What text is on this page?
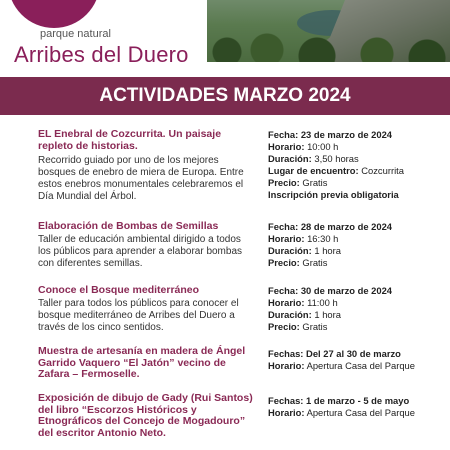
parque natural
Arribes del Duero
ACTIVIDADES MARZO 2024
EL Enebral de Cozcurrita. Un paisaje repleto de historias.
Recorrido guiado por uno de los mejores bosques de enebro de miera de Europa. Entre estos enebros monumentales celebraremos el Día Mundial del Árbol.
Fecha: 23 de marzo de 2024
Horario: 10:00 h
Duración: 3,50 horas
Lugar de encuentro: Cozcurrita
Precio: Gratis
Inscripción previa obligatoria
Elaboración de Bombas de Semillas
Taller de educación ambiental dirigido a todos los públicos para aprender a elaborar bombas con diferentes semillas.
Fecha: 28 de marzo de 2024
Horario: 16:30 h
Duración: 1 hora
Precio: Gratis
Conoce el Bosque mediterráneo
Taller para todos los públicos para conocer el bosque mediterráneo de Arribes del Duero a través de los cinco sentidos.
Fecha: 30 de marzo de 2024
Horario: 11:00 h
Duración: 1 hora
Precio: Gratis
Muestra de artesanía en madera de Ángel Garrido Vaquero “El Jatón” vecino de Zafara – Fermoselle.
Fechas: Del 27 al 30 de marzo
Horario: Apertura Casa del Parque
Exposición de dibujo de Gady (Rui Santos) del libro “Escorzos Históricos y Etnográficos del Concejo de Mogadouro” del escritor Antonio Neto.
Fechas: 1 de marzo - 5 de mayo
Horario: Apertura Casa del Parque
